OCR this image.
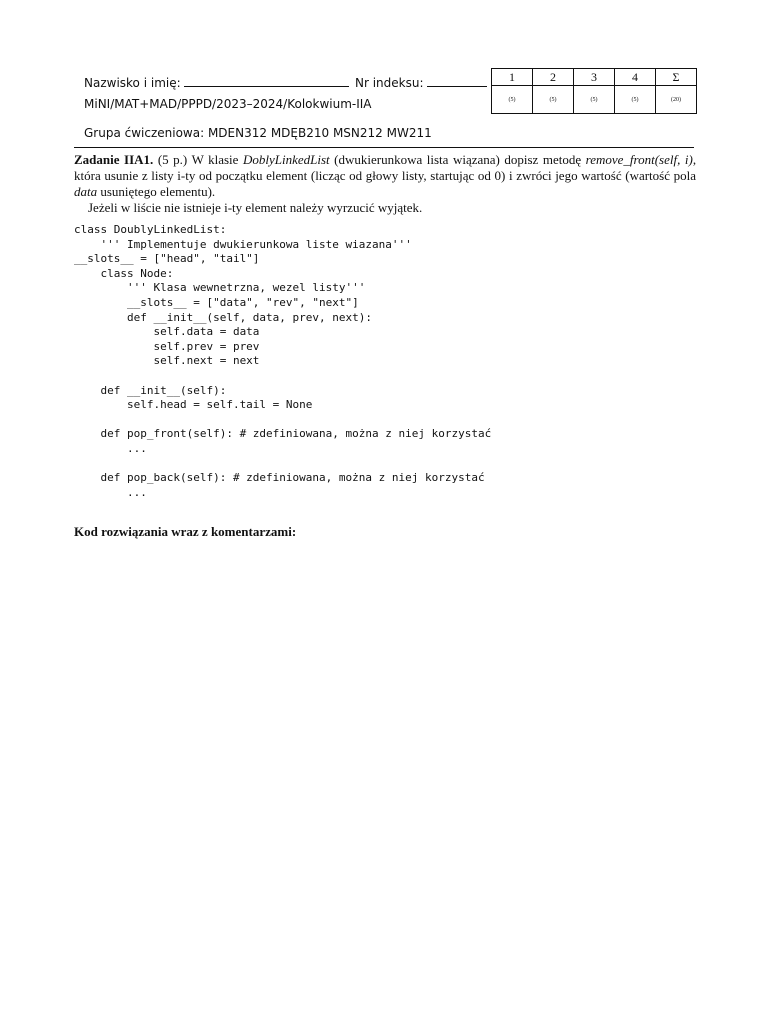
Nazwisko i imię:	Nr indeksu:
MiNI/MAT+MAD/PPPD/2023–2024/Kolokwium-IIA
Grupa ćwiczeniowa: MDEN312 MDĘB210 MSN212 MW211
1	2	3	4	Σ
(5)	(5)	(5)	(5)	(20)

Zadanie IIA1. (5 p.) W klasie DoblyLinkedList (dwukierunkowa lista wiązana) dopisz metodę remove_front(self, i), która usunie z listy i-ty od początku element (licząc od głowy listy, startując od 0) i zwróci jego wartość (wartość pola data usuniętego elementu).

Jeżeli w liście nie istnieje i-ty element należy wyrzucić wyjątek.

class DoublyLinkedList:
''' Implementuje dwukierunkowa liste wiazana'''
__slots__ = ["head", "tail"]
class Node:
''' Klasa wewnetrzna, wezel listy'''
__slots__ = ["data", "rev", "next"]
def __init__(self, data, prev, next):
self.data = data
self.prev = prev
self.next = next

def __init__(self):
self.head = self.tail = None

def pop_front(self): # zdefiniowana, można z niej korzystać
...

def pop_back(self): # zdefiniowana, można z niej korzystać
...
Kod rozwiązania wraz z komentarzami:
